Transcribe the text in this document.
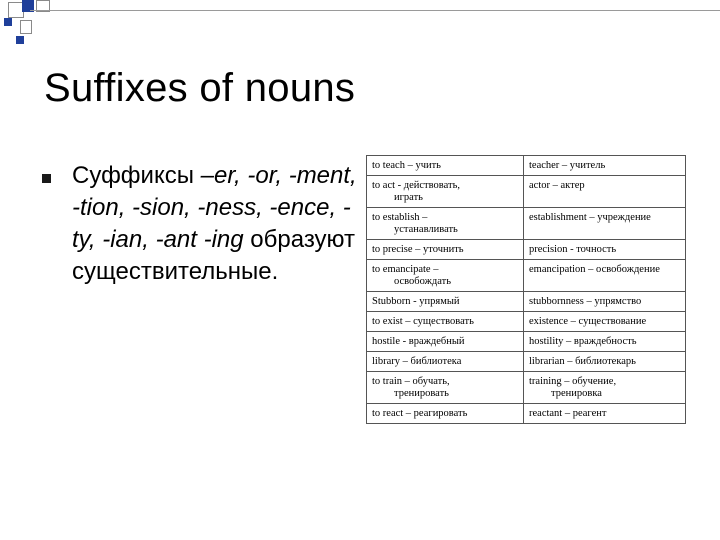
Suffixes of nouns
Суффиксы –er, -or, -ment, -tion, -sion, -ness, -ence, -ty, -ian, -ant -ing образуют существительные.
to teach – учить	teacher – учитель

to act - действовать,
играть	actor – актер

to establish –
устанавливать	establishment – учреждение

to precise – уточнить	precision - точность

to emancipate –
освобождать	emancipation – освобождение

Stubborn - упрямый	stubbornness – упрямство

to exist – существовать	existence – существование

hostile - враждебный	hostility – враждебность

library – библиотека	librarian – библиотекарь

to train – обучать,
тренировать	training – обучение,
тренировка

to react – реагировать	reactant – реагент
